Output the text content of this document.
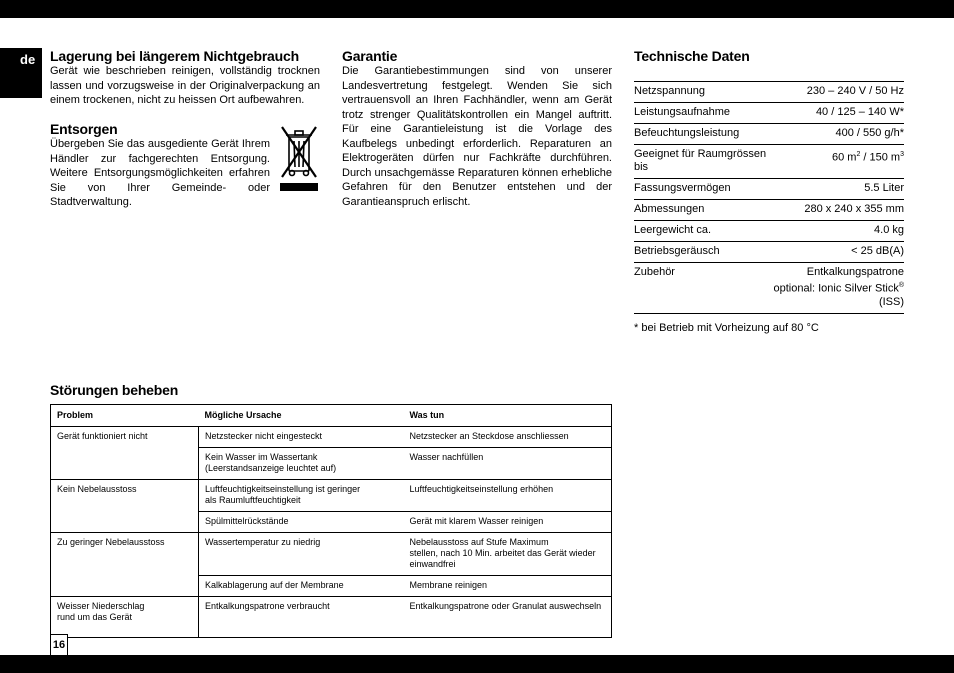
de Lagerung bei längerem Nichtgebrauch

Gerät wie beschrieben reinigen, vollständig trocknen lassen und vorzugsweise in der Originalverpackung an einem trockenen, nicht zu heissen Ort aufbewahren.

Entsorgen

Übergeben Sie das ausgediente Gerät Ihrem Händler zur fachgerechten Entsorgung. Weitere Entsorgungsmöglichkeiten erfahren Sie von Ihrer Gemeinde- oder Stadtverwaltung.

Garantie

Die Garantiebestimmungen sind von unserer Landesvertretung festgelegt. Wenden Sie sich vertrauensvoll an Ihren Fachhändler, wenn am Gerät trotz strenger Qualitätskontrollen ein Mangel auftritt. Für eine Garantieleistung ist die Vorlage des Kaufbelegs unbedingt erforderlich. Reparaturen an Elektrogeräten dürfen nur Fachkräfte durchführen. Durch unsachgemässe Reparaturen können erhebliche Gefahren für den Benutzer entstehen und der Garantieanspruch erlischt.

Technische Daten
Netzspannung	230 – 240 V / 50 Hz
Leistungsaufnahme	40 / 125 – 140 W*
Befeuchtungsleistung	400 / 550 g/h*
Geeignet für Raumgrössen bis	60 $m^2 / 150$ $m^3$
Fassungsvermögen	5.5 Liter
Abmessungen	280 x 240 x 355 mm
Leergewicht ca.	4.0 kg
Betriebsgeräusch	< 25 dB(A)
Zubehör	Entkalkungspatrone
optional: Ionic Silver Stick® (ISS)

* bei Betrieb mit Vorheizung auf 80 °C

Störungen beheben
Problem	Mögliche Ursache	Was tun
Gerät funktioniert nicht	Netzstecker nicht eingesteckt	Netzstecker an Steckdose anschliessen

	Kein Wasser im Wassertank
(Leerstandsanzeige leuchtet auf)	Wasser nachfüllen
Kein Nebelausstoss	Luftfeuchtigkeitseinstellung ist geringer
als Raumluftfeuchtigkeit	Luftfeuchtigkeitseinstellung erhöhen
	Spülmittelrückstände	Gerät mit klarem Wasser reinigen
Zu geringer Nebelausstoss	Wassertemperatur zu niedrig	Nebelausstoss auf Stufe Maximum
stellen, nach 10 Min. arbeitet das Gerät wieder
einwandfrei

	Kalkablagerung auf der Membrane	Membrane reinigen

Weisser Niederschlag
rund um das Gerät	Entkalkungspatrone verbraucht	Entkalkungspatrone oder Granulat auswechseln

16
